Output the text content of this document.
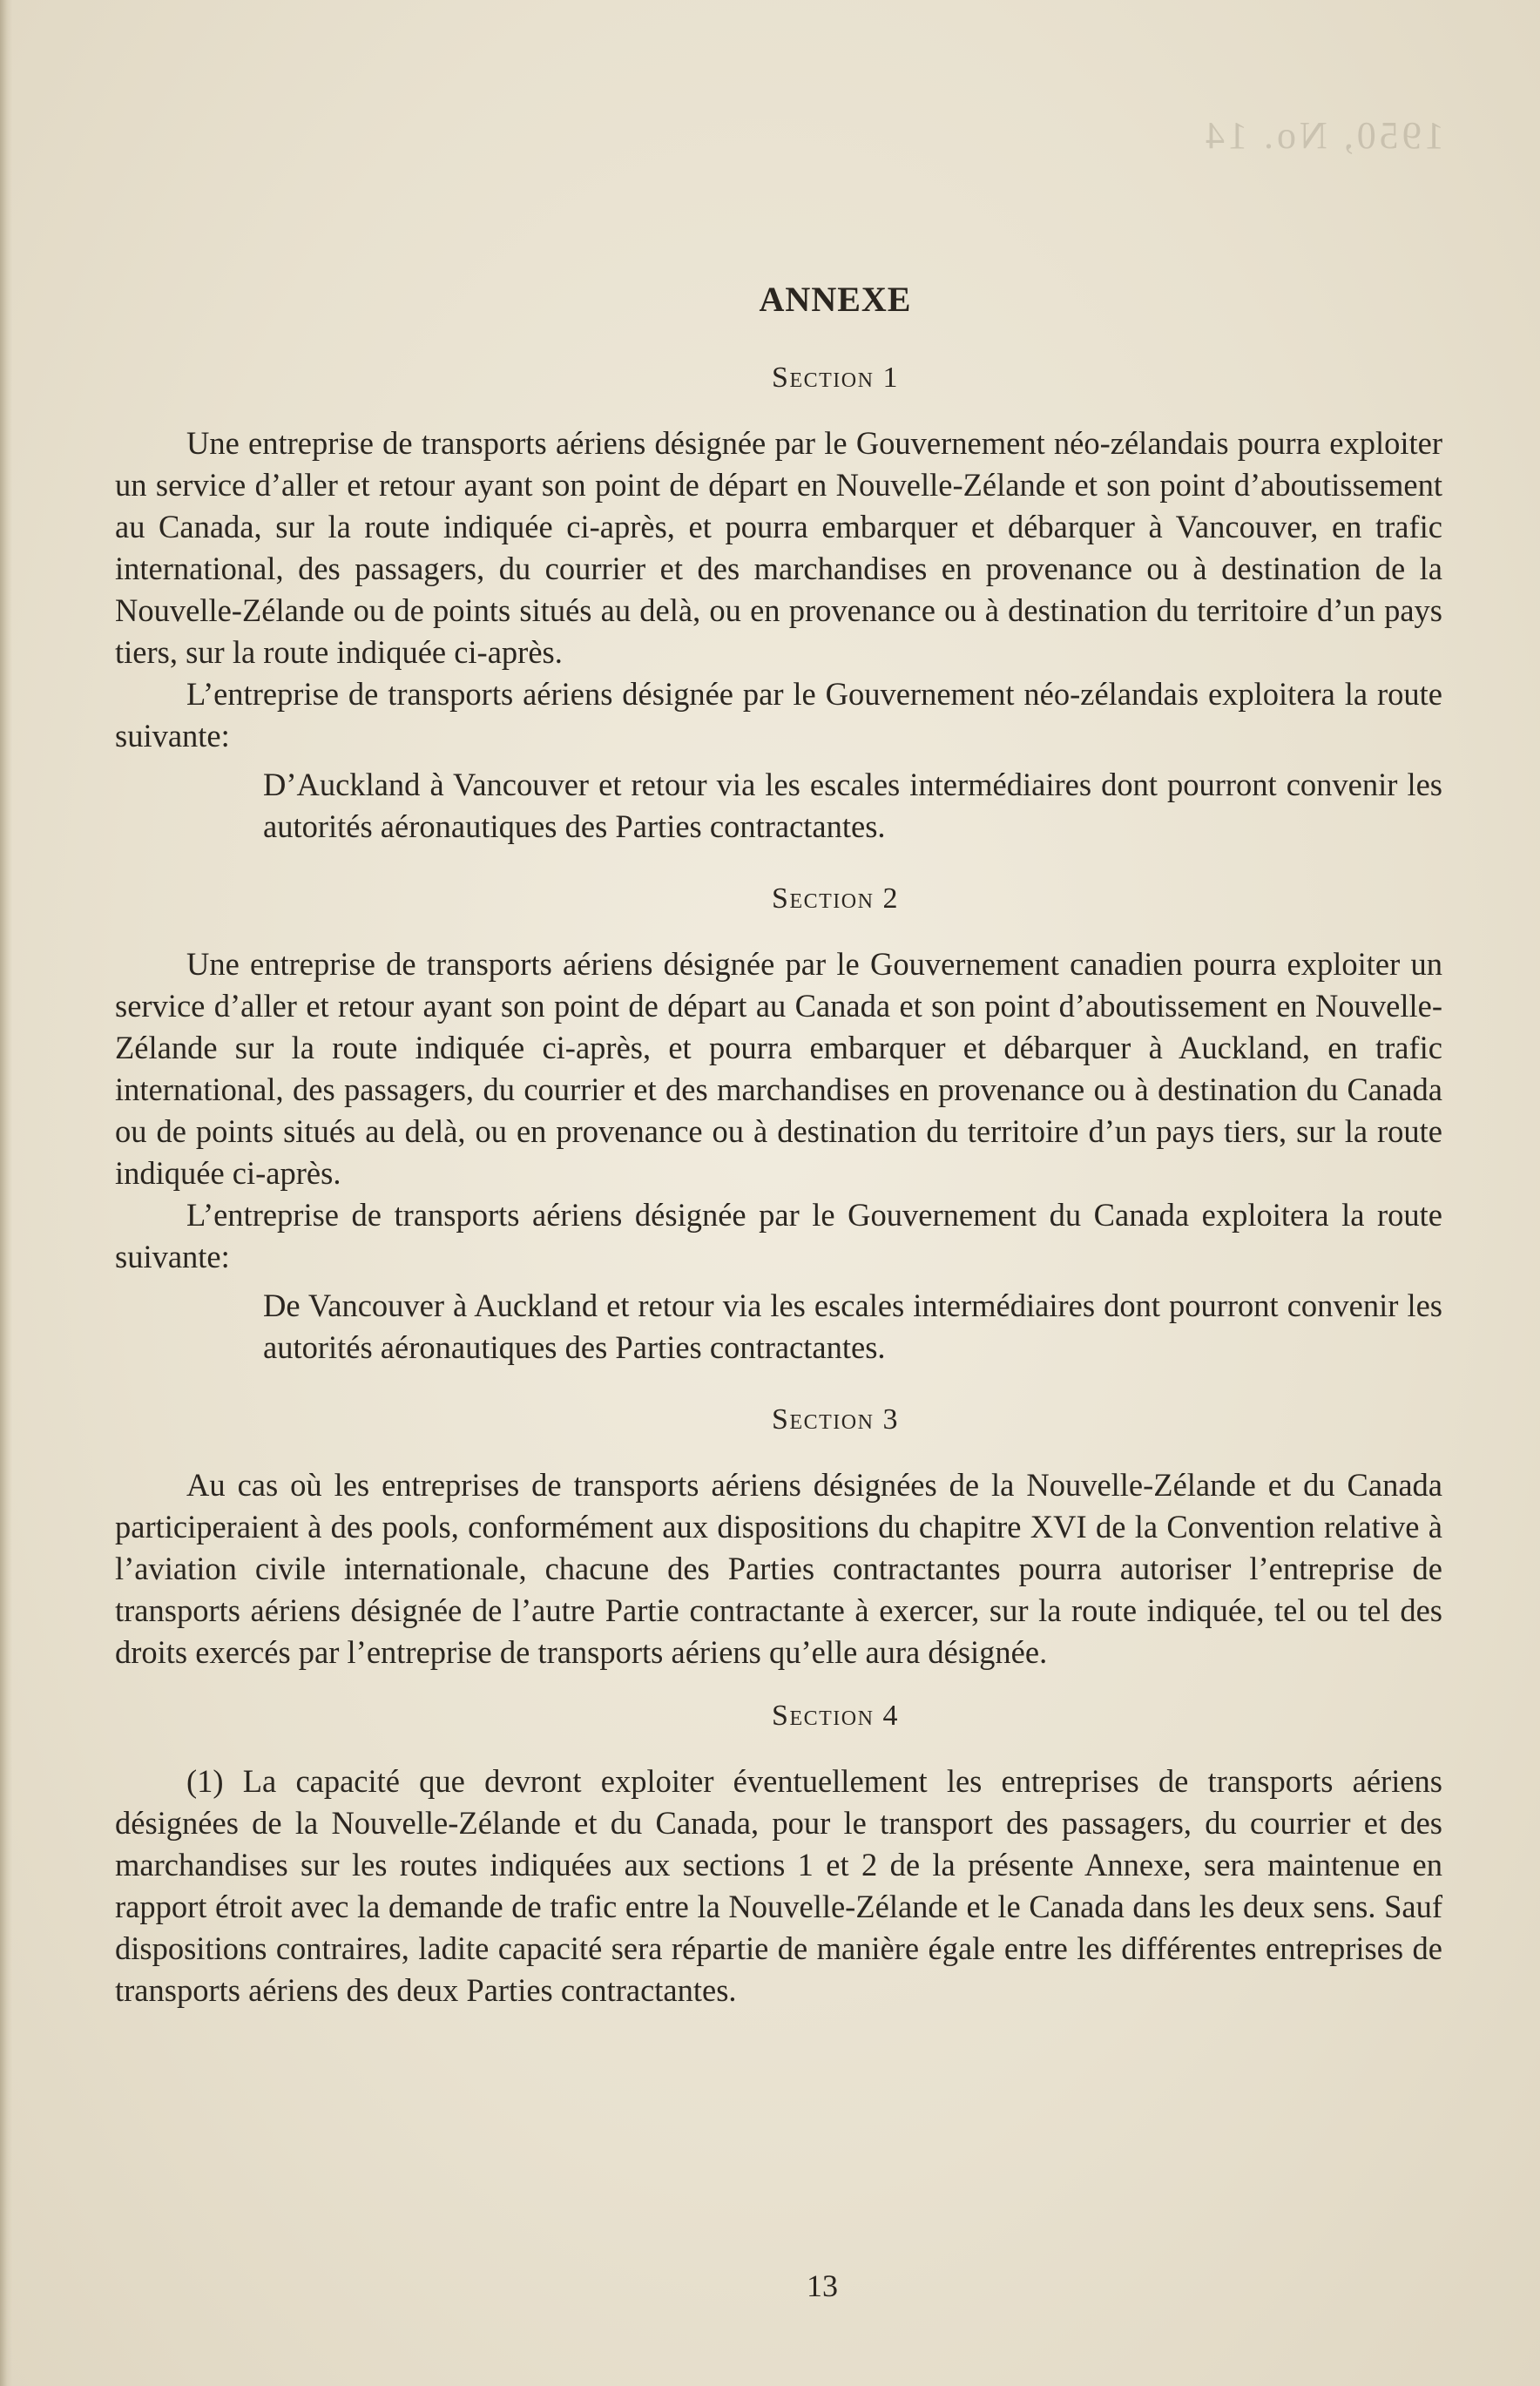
1950, No. 14
ANNEXE
Section 1

Une entreprise de transports aériens désignée par le Gouvernement néo-zélandais pourra exploiter un service d’aller et retour ayant son point de départ en Nouvelle-Zélande et son point d’aboutissement au Canada, sur la route indiquée ci-après, et pourra embarquer et débarquer à Vancouver, en trafic international, des passagers, du courrier et des marchandises en provenance ou à destination de la Nouvelle-Zélande ou de points situés au delà, ou en provenance ou à destination du territoire d’un pays tiers, sur la route indiquée ci-après.

L’entreprise de transports aériens désignée par le Gouvernement néo-zélandais exploitera la route suivante:

D’Auckland à Vancouver et retour via les escales intermédiaires dont pourront convenir les autorités aéronautiques des Parties contractantes.

Section 2

Une entreprise de transports aériens désignée par le Gouvernement canadien pourra exploiter un service d’aller et retour ayant son point de départ au Canada et son point d’aboutissement en Nouvelle-Zélande sur la route indiquée ci-après, et pourra embarquer et débarquer à Auckland, en trafic international, des passagers, du courrier et des marchandises en provenance ou à destination du Canada ou de points situés au delà, ou en provenance ou à destination du territoire d’un pays tiers, sur la route indiquée ci-après.

L’entreprise de transports aériens désignée par le Gouvernement du Canada exploitera la route suivante:

De Vancouver à Auckland et retour via les escales intermédiaires dont pourront convenir les autorités aéronautiques des Parties contractantes.

Section 3

Au cas où les entreprises de transports aériens désignées de la Nouvelle-Zélande et du Canada participeraient à des pools, conformément aux dispositions du chapitre XVI de la Convention relative à l’aviation civile internationale, chacune des Parties contractantes pourra autoriser l’entreprise de transports aériens désignée de l’autre Partie contractante à exercer, sur la route indiquée, tel ou tel des droits exercés par l’entreprise de transports aériens qu’elle aura désignée.

Section 4

(1) La capacité que devront exploiter éventuellement les entreprises de transports aériens désignées de la Nouvelle-Zélande et du Canada, pour le transport des passagers, du courrier et des marchandises sur les routes indiquées aux sections 1 et 2 de la présente Annexe, sera maintenue en rapport étroit avec la demande de trafic entre la Nouvelle-Zélande et le Canada dans les deux sens. Sauf dispositions contraires, ladite capacité sera répartie de manière égale entre les différentes entreprises de transports aériens des deux Parties contractantes.

13
